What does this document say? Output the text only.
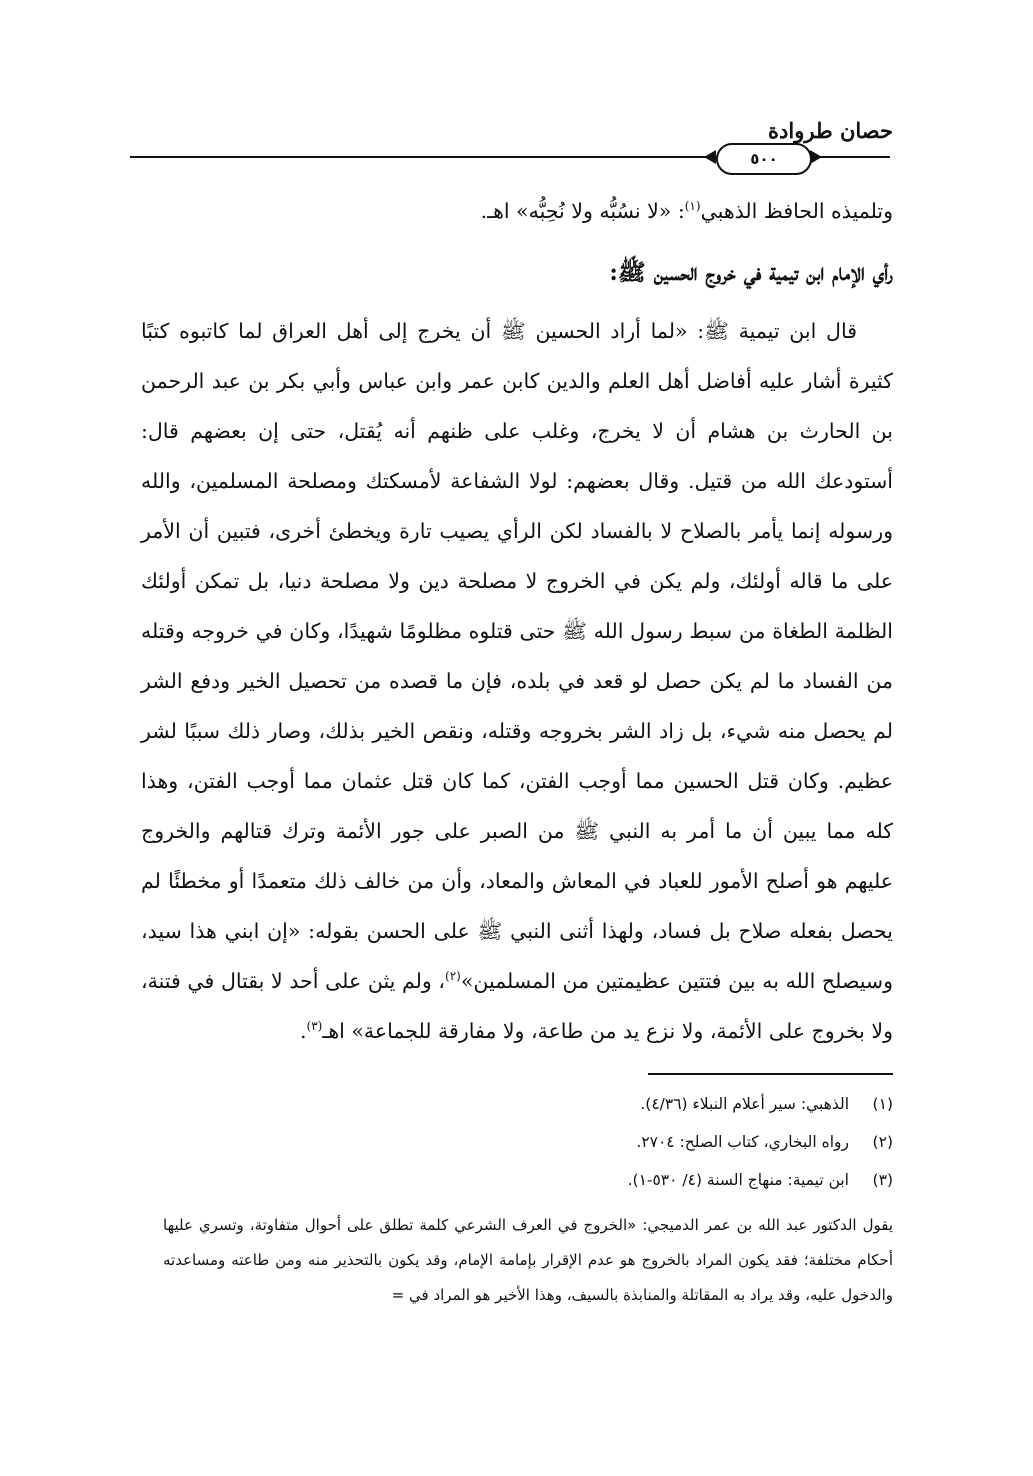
حصان طروادة
٥٠٠

وتلميذه الحافظ الذهبي$^{(١)}$: «لا نسُبُّه ولا نُحِبُّه» اهـ.

رأي الإمام ابن تيمية في خروج الحسين ﷺ:

قال ابن تيمية ﷺ: «لما أراد الحسين ﷺ أن يخرج إلى أهل العراق لما كاتبوه كتبًا كثيرة أشار عليه أفاضل أهل العلم والدين كابن عمر وابن عباس وأبي بكر بن عبد الرحمن بن الحارث بن هشام أن لا يخرج، وغلب على ظنهم أنه يُقتل، حتى إن بعضهم قال: أستودعك الله من قتيل. وقال بعضهم: لولا الشفاعة لأمسكتك ومصلحة المسلمين، والله ورسوله إنما يأمر بالصلاح لا بالفساد لكن الرأي يصيب تارة ويخطئ أخرى، فتبين أن الأمر على ما قاله أولئك، ولم يكن في الخروج لا مصلحة دين ولا مصلحة دنيا، بل تمكن أولئك الظلمة الطغاة من سبط رسول الله ﷺ حتى قتلوه مظلومًا شهيدًا، وكان في خروجه وقتله من الفساد ما لم يكن حصل لو قعد في بلده، فإن ما قصده من تحصيل الخير ودفع الشر لم يحصل منه شيء، بل زاد الشر بخروجه وقتله، ونقص الخير بذلك، وصار ذلك سببًا لشر عظيم. وكان قتل الحسين مما أوجب الفتن، كما كان قتل عثمان مما أوجب الفتن، وهذا كله مما يبين أن ما أمر به النبي ﷺ من الصبر على جور الأئمة وترك قتالهم والخروج عليهم هو أصلح الأمور للعباد في المعاش والمعاد، وأن من خالف ذلك متعمدًا أو مخطئًا لم يحصل بفعله صلاح بل فساد، ولهذا أثنى النبي ﷺ على الحسن بقوله: «إن ابني هذا سيد، وسيصلح الله به بين فتتين عظيمتين من المسلمين»$^{(٢)}$، ولم يثن على أحد لا بقتال في فتنة، ولا بخروج على الأئمة، ولا نزع يد من طاعة، ولا مفارقة للجماعة» اهـ$^{(٣)}$.

(١)
الذهبي: سير أعلام النبلاء (٤/٣٦).
(٢)
رواه البخاري، كتاب الصلح: ٢٧٠٤.
(٣)
ابن تيمية: منهاج السنة (٤/ ٥٣٠-١).

يقول الدكتور عبد الله بن عمر الدميجي: «الخروج في العرف الشرعي كلمة تطلق على أحوال متفاوتة، وتسري عليها أحكام مختلفة؛ فقد يكون المراد بالخروج هو عدم الإقرار بإمامة الإمام، وقد يكون بالتحذير منه ومن طاعته ومساعدته والدخول عليه، وقد يراد به المقاتلة والمنابذة بالسيف، وهذا الأخير هو المراد في =
